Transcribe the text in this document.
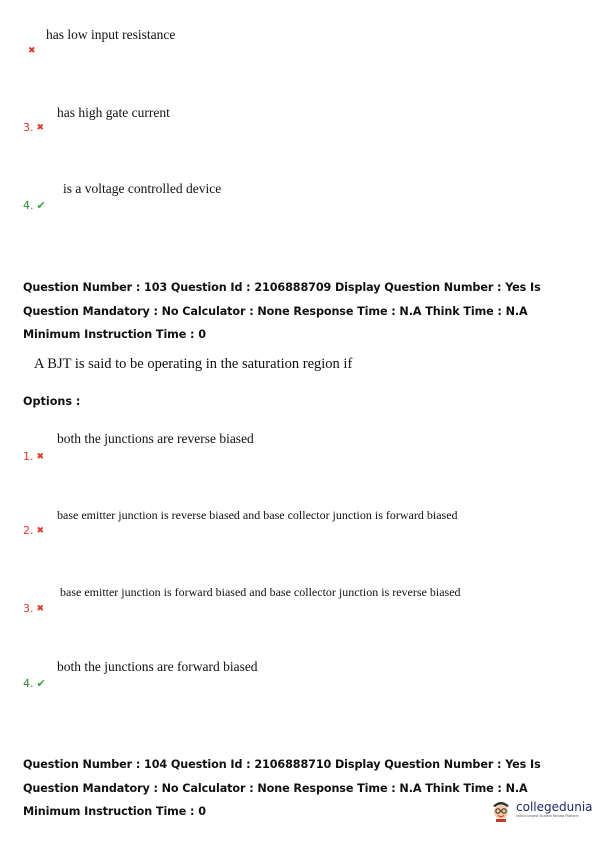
has low input resistance
✖
has high gate current
3. ✖
is a voltage controlled device
4. ✔
Question Number : 103 Question Id : 2106888709 Display Question Number : Yes Is Question Mandatory : No Calculator : None Response Time : N.A Think Time : N.A Minimum Instruction Time : 0
A BJT is said to be operating in the saturation region if
Options :
both the junctions are reverse biased
1. ✖
base emitter junction is reverse biased and base collector junction is forward biased
2. ✖
base emitter junction is forward biased and base collector junction is reverse biased
3. ✖
both the junctions are forward biased
4. ✔
Question Number : 104 Question Id : 2106888710 Display Question Number : Yes Is Question Mandatory : No Calculator : None Response Time : N.A Think Time : N.A Minimum Instruction Time : 0	collegedunia
India's largest Student Review Platform
